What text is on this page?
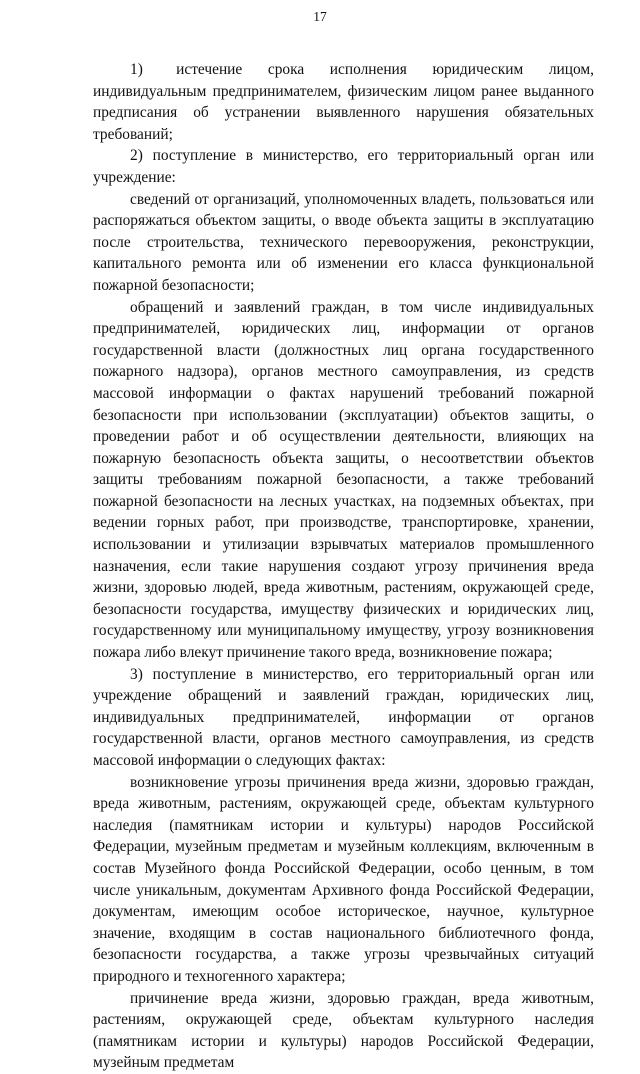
17

1)  истечение срока исполнения юридическим лицом, индивидуальным предпринимателем, физическим лицом ранее выданного предписания об устранении выявленного нарушения обязательных требований;

2) поступление в министерство, его территориальный орган или учреждение:

сведений от организаций, уполномоченных владеть, пользоваться или распоряжаться объектом защиты, о вводе объекта защиты в эксплуатацию после строительства, технического перевооружения, реконструкции, капитального ремонта или об изменении его класса функциональной пожарной безопасности;

обращений и заявлений граждан, в том числе индивидуальных предпринимателей, юридических лиц, информации от органов государственной власти (должностных лиц органа государственного пожарного надзора), органов местного самоуправления, из средств массовой информации о фактах нарушений требований пожарной безопасности при использовании (эксплуатации) объектов защиты, о проведении работ и об осуществлении деятельности, влияющих на пожарную безопасность объекта защиты, о несоответствии объектов защиты требованиям пожарной безопасности, а также требований пожарной безопасности на лесных участках, на подземных объектах, при ведении горных работ, при производстве, транспортировке, хранении, использовании и утилизации взрывчатых материалов промышленного назначения, если такие нарушения создают угрозу причинения вреда жизни, здоровью людей, вреда животным, растениям, окружающей среде, безопасности государства, имуществу физических и юридических лиц, государственному или муниципальному имуществу, угрозу возникновения пожара либо влекут причинение такого вреда, возникновение пожара;

3) поступление в министерство, его территориальный орган или учреждение обращений и заявлений граждан, юридических лиц, индивидуальных предпринимателей, информации от органов государственной власти, органов местного самоуправления, из средств массовой информации о следующих фактах:

возникновение угрозы причинения вреда жизни, здоровью граждан, вреда животным, растениям, окружающей среде, объектам культурного наследия (памятникам истории и культуры) народов Российской Федерации, музейным предметам и музейным коллекциям, включенным в состав Музейного фонда Российской Федерации, особо ценным, в том числе уникальным, документам Архивного фонда Российской Федерации, документам, имеющим особое историческое, научное, культурное значение, входящим в состав национального библиотечного фонда, безопасности государства, а также угрозы чрезвычайных ситуаций природного и техногенного характера;

причинение вреда жизни, здоровью граждан, вреда животным, растениям, окружающей среде, объектам культурного наследия (памятникам истории и культуры) народов Российской Федерации, музейным предметам
